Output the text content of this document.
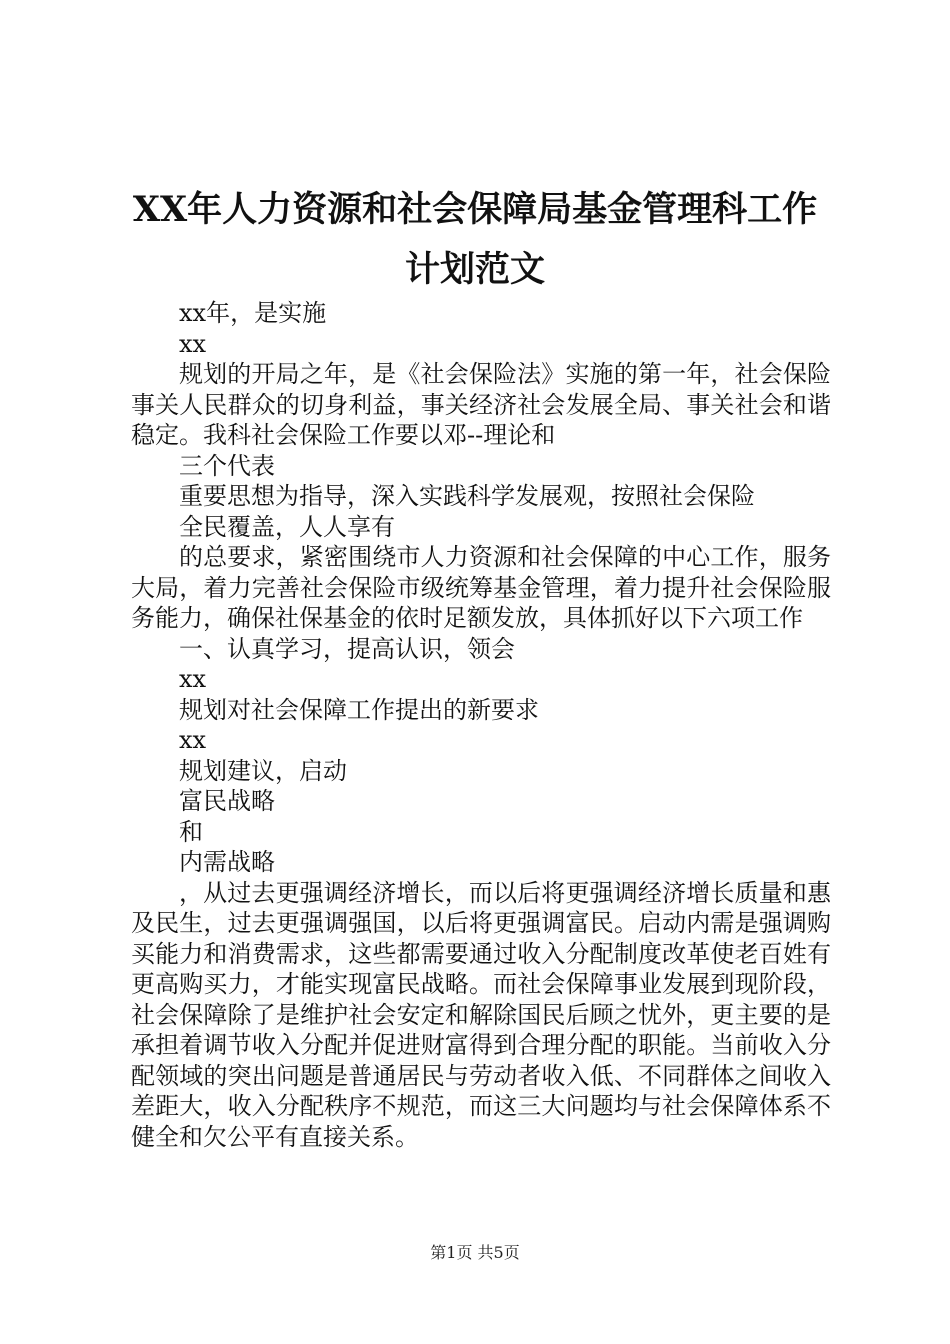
XX年人力资源和社会保障局基金管理科工作
计划范文

xx年，是实施

xx

规划的开局之年，是《社会保险法》实施的第一年，社会保险事关人民群众的切身利益，事关经济社会发展全局、事关社会和谐稳定。我科社会保险工作要以邓--理论和

三个代表

重要思想为指导，深入实践科学发展观，按照社会保险

全民覆盖，人人享有

的总要求，紧密围绕市人力资源和社会保障的中心工作，服务大局，着力完善社会保险市级统筹基金管理，着力提升社会保险服务能力，确保社保基金的依时足额发放，具体抓好以下六项工作

一、认真学习，提高认识，领会

xx

规划对社会保障工作提出的新要求

xx

规划建议，启动

富民战略

和

内需战略

，从过去更强调经济增长，而以后将更强调经济增长质量和惠及民生，过去更强调强国，以后将更强调富民。启动内需是强调购买能力和消费需求，这些都需要通过收入分配制度改革使老百姓有更高购买力，才能实现富民战略。而社会保障事业发展到现阶段，社会保障除了是维护社会安定和解除国民后顾之忧外，更主要的是承担着调节收入分配并促进财富得到合理分配的职能。当前收入分配领域的突出问题是普通居民与劳动者收入低、不同群体之间收入差距大，收入分配秩序不规范，而这三大问题均与社会保障体系不健全和欠公平有直接关系。

第1页 共5页
